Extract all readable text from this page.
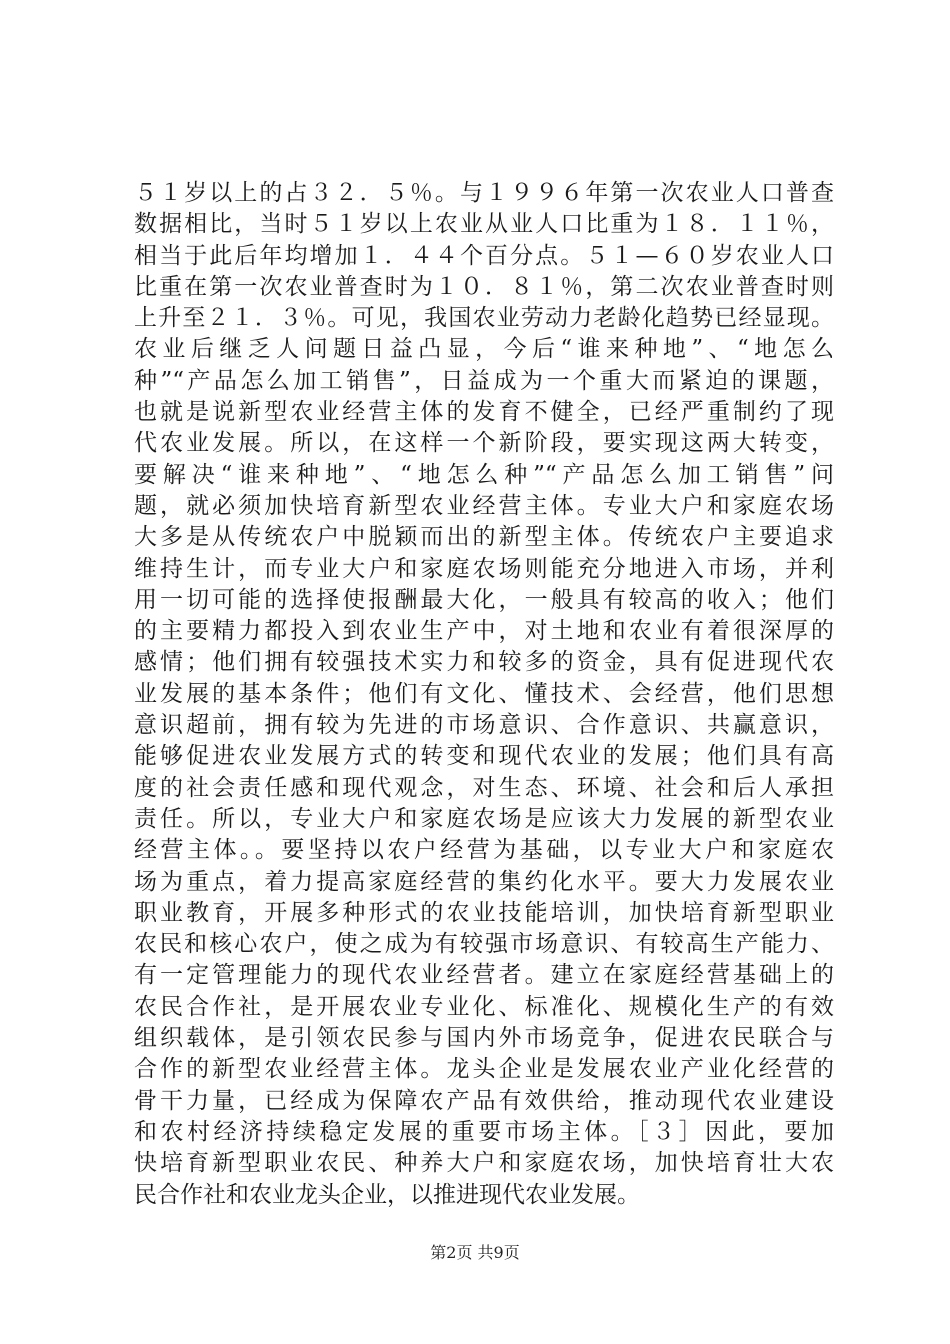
５１岁以上的占３２．５％。与１９９６年第一次农业人口普查
数据相比，当时５１岁以上农业从业人口比重为１８．１１％，
相当于此后年均增加１．４４个百分点。５１—６０岁农业人口
比重在第一次农业普查时为１０．８１％，第二次农业普查时则
上升至２１．３％。可见，我国农业劳动力老龄化趋势已经显现。
农业后继乏人问题日益凸显，今后“谁来种地”、“地怎么
种”“产品怎么加工销售”，日益成为一个重大而紧迫的课题，
也就是说新型农业经营主体的发育不健全，已经严重制约了现
代农业发展。所以，在这样一个新阶段，要实现这两大转变，
要解决“谁来种地”、“地怎么种”“产品怎么加工销售”问
题，就必须加快培育新型农业经营主体。专业大户和家庭农场
大多是从传统农户中脱颖而出的新型主体。传统农户主要追求
维持生计，而专业大户和家庭农场则能充分地进入市场，并利
用一切可能的选择使报酬最大化，一般具有较高的收入；他们
的主要精力都投入到农业生产中，对土地和农业有着很深厚的
感情；他们拥有较强技术实力和较多的资金，具有促进现代农
业发展的基本条件；他们有文化、懂技术、会经营，他们思想
意识超前，拥有较为先进的市场意识、合作意识、共赢意识，
能够促进农业发展方式的转变和现代农业的发展；他们具有高
度的社会责任感和现代观念，对生态、环境、社会和后人承担
责任。所以，专业大户和家庭农场是应该大力发展的新型农业
经营主体。。要坚持以农户经营为基础，以专业大户和家庭农
场为重点，着力提高家庭经营的集约化水平。要大力发展农业
职业教育，开展多种形式的农业技能培训，加快培育新型职业
农民和核心农户，使之成为有较强市场意识、有较高生产能力、
有一定管理能力的现代农业经营者。建立在家庭经营基础上的
农民合作社，是开展农业专业化、标准化、规模化生产的有效
组织载体，是引领农民参与国内外市场竞争，促进农民联合与
合作的新型农业经营主体。龙头企业是发展农业产业化经营的
骨干力量，已经成为保障农产品有效供给，推动现代农业建设
和农村经济持续稳定发展的重要市场主体。［３］因此，要加
快培育新型职业农民、种养大户和家庭农场，加快培育壮大农
民合作社和农业龙头企业，以推进现代农业发展。
第2页 共9页
